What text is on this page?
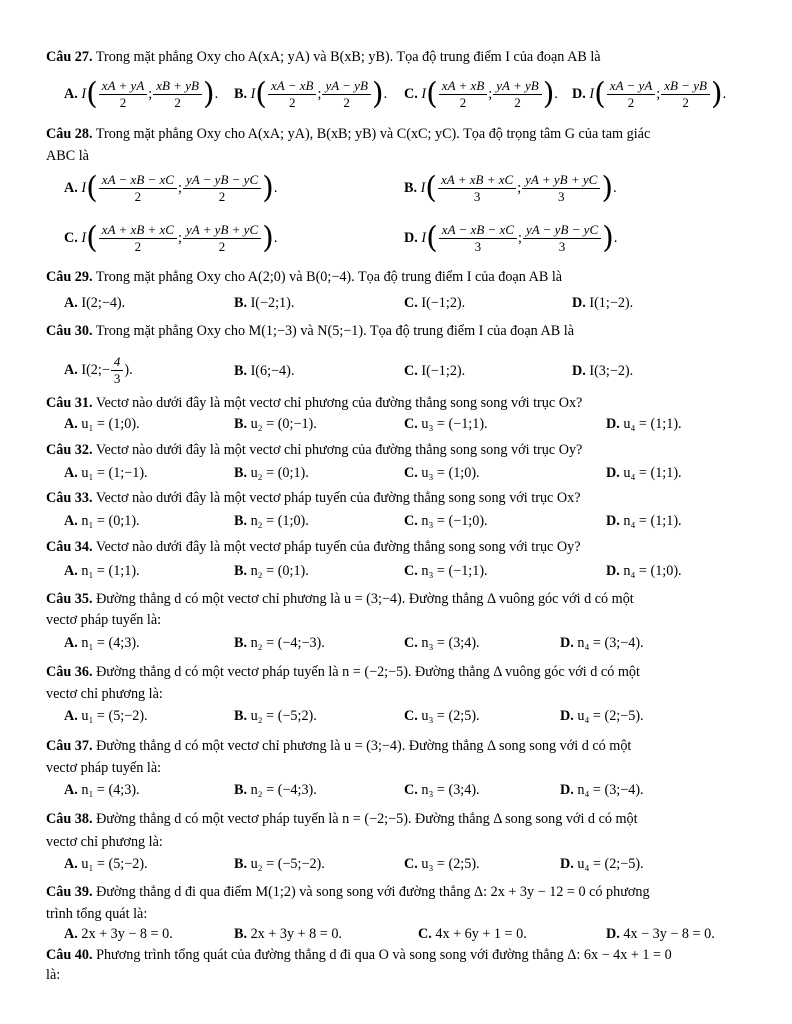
Câu 27. Trong mặt phẳng Oxy cho A(xA; yA) và B(xB; yB). Tọa độ trung điểm I của đoạn AB là
A. $I( \frac{xA + yA}{2}$ ; $\frac{xB + yB}{2}$ ). B. $I( \frac{xA - xB}{2}$ ; $\frac{yA - yB}{2}$ ). C. $I( \frac{xA + xB}{2}$ ; $\frac{yA + yB}{2}$ ). D. $I( \frac{xA - yA}{2}$ ; $\frac{xB - yB}{2}$ ).
Câu 28. Trong mặt phẳng Oxy cho A(xA; yA), B(xB; yB) và C(xC; yC). Tọa độ trọng tâm G của tam giác
ABC là
A. $I( \frac{xA - xB - xC}{2}$ ; $\frac{yA - yB - yC}{2}$ ).	B. $I( \frac{xA + xB + xC}{3}$ ; $\frac{yA + yB + yC}{3}$ ).
C. $I( \frac{xA + xB + xC}{2}$ ; $\frac{yA + yB + yC}{2}$ ).	D. $I( \frac{xA - xB - xC}{3}$ ; $\frac{yA - yB - yC}{3}$ ).
Câu 29. Trong mặt phẳng Oxy cho A(2;0) và B(0;−4). Tọa độ trung điểm I của đoạn AB là
A. I(2;−4).	B. I(−2;1).	C. I(−1;2).	D. I(1;−2).
Câu 30. Trong mặt phẳng Oxy cho M(1;−3) và N(5;−1). Tọa độ trung điểm I của đoạn AB là
A. I(2;− $\frac{4}{3}$ ).	B. I(6;−4).	C. I(−1;2).	D. I(3;−2).
Câu 31. Vectơ nào dưới đây là một vectơ chỉ phương của đường thẳng song song với trục Ox?
A. u₁ = (1;0).	B. u₂ = (0;−1).	C. u₃ = (−1;1).	D. u₄ = (1;1).
Câu 32. Vectơ nào dưới đây là một vectơ chỉ phương của đường thẳng song song với trục Oy?
A. u₁ = (1;−1).	B. u₂ = (0;1).	C. u₃ = (1;0).	D. u₄ = (1;1).
Câu 33. Vectơ nào dưới đây là một vectơ pháp tuyến của đường thẳng song song với trục Ox?
A. n₁ = (0;1).	B. n₂ = (1;0).	C. n₃ = (−1;0).	D. n₄ = (1;1).
Câu 34. Vectơ nào dưới đây là một vectơ pháp tuyến của đường thẳng song song với trục Oy?
A. n₁ = (1;1).	B. n₂ = (0;1).	C. n₃ = (−1;1).	D. n₄ = (1;0).
Câu 35. Đường thẳng d có một vectơ chỉ phương là u = (3;−4). Đường thẳng Δ vuông góc với d có một
vectơ pháp tuyến là:
A. n₁ = (4;3).	B. n₂ = (−4;−3).	C. n₃ = (3;4).	D. n₄ = (3;−4).
Câu 36. Đường thẳng d có một vectơ pháp tuyến là n = (−2;−5). Đường thẳng Δ vuông góc với d có một
vectơ chỉ phương là:
A. u₁ = (5;−2).	B. u₂ = (−5;2).	C. u₃ = (2;5).	D. u₄ = (2;−5).
Câu 37. Đường thẳng d có một vectơ chỉ phương là u = (3;−4). Đường thẳng Δ song song với d có một
vectơ pháp tuyến là:
A. n₁ = (4;3).	B. n₂ = (−4;3).	C. n₃ = (3;4).	D. n₄ = (3;−4).
Câu 38. Đường thẳng d có một vectơ pháp tuyến là n = (−2;−5). Đường thẳng Δ song song với d có một
vectơ chỉ phương là:
A. u₁ = (5;−2).	B. u₂ = (−5;−2).	C. u₃ = (2;5).	D. u₄ = (2;−5).
Câu 39. Đường thẳng d đi qua điểm M(1;2) và song song với đường thẳng Δ: 2x + 3y − 12 = 0 có phương
trình tổng quát là:
A. 2x + 3y − 8 = 0.	B. 2x + 3y + 8 = 0.	C. 4x + 6y + 1 = 0.	D. 4x − 3y − 8 = 0.
Câu 40. Phương trình tổng quát của đường thẳng d đi qua O và song song với đường thẳng Δ: 6x − 4x + 1 = 0
là:
